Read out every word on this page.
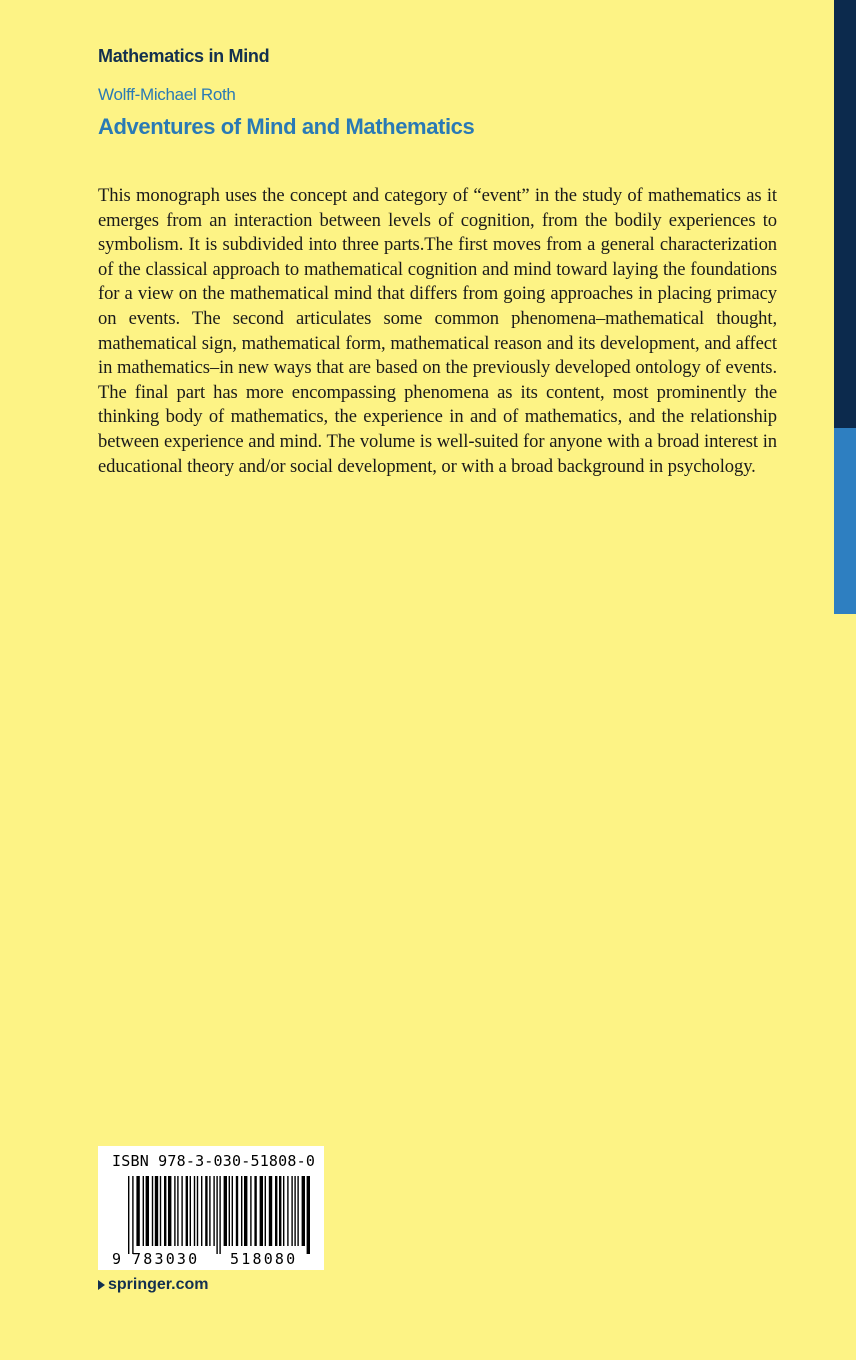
Mathematics in Mind
Wolff-Michael Roth
Adventures of Mind and Mathematics

This monograph uses the concept and category of “event” in the study of mathematics as it emerges from an interaction between levels of cognition, from the bodily experiences to symbolism. It is subdivided into three parts.The first moves from a general characterization of the classical approach to mathematical cognition and mind toward laying the foundations for a view on the mathematical mind that differs from going approaches in placing primacy on events. The second articulates some common phenomena–mathematical thought, mathematical sign, mathematical form, mathematical reason and its development, and affect in mathematics–in new ways that are based on the previously developed ontology of events. The final part has more encompassing phenomena as its content, most prominently the thinking body of mathematics, the experience in and of mathematics, and the relationship between experience and mind. The volume is well-suited for anyone with a broad interest in educational theory and/or social development, or with a broad background in psychology.

ISBN 978-3-030-51808-0
9 783030 518080
springer.com
